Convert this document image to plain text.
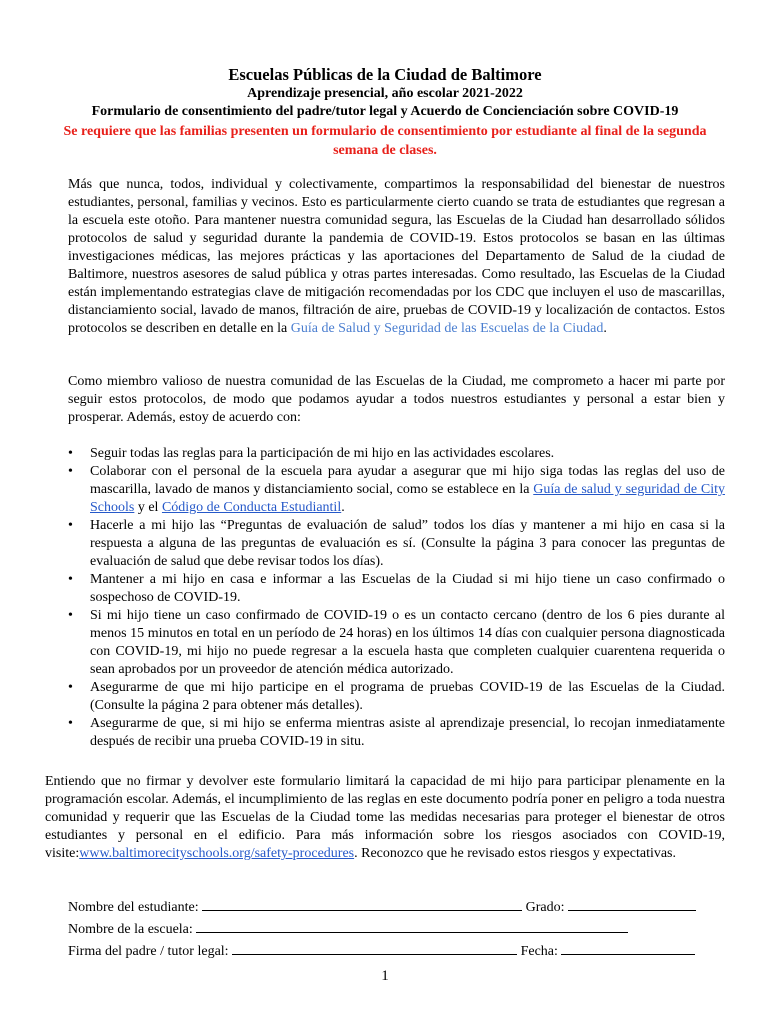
Escuelas Públicas de la Ciudad de Baltimore
Aprendizaje presencial, año escolar 2021-2022
Formulario de consentimiento del padre/tutor legal y Acuerdo de Concienciación sobre COVID-19
Se requiere que las familias presenten un formulario de consentimiento por estudiante al final de la segunda semana de clases.
Más que nunca, todos, individual y colectivamente, compartimos la responsabilidad del bienestar de nuestros estudiantes, personal, familias y vecinos. Esto es particularmente cierto cuando se trata de estudiantes que regresan a la escuela este otoño. Para mantener nuestra comunidad segura, las Escuelas de la Ciudad han desarrollado sólidos protocolos de salud y seguridad durante la pandemia de COVID-19. Estos protocolos se basan en las últimas investigaciones médicas, las mejores prácticas y las aportaciones del Departamento de Salud de la ciudad de Baltimore, nuestros asesores de salud pública y otras partes interesadas. Como resultado, las Escuelas de la Ciudad están implementando estrategias clave de mitigación recomendadas por los CDC que incluyen el uso de mascarillas, distanciamiento social, lavado de manos, filtración de aire, pruebas de COVID-19 y localización de contactos. Estos protocolos se describen en detalle en la Guía de Salud y Seguridad de las Escuelas de la Ciudad.
Como miembro valioso de nuestra comunidad de las Escuelas de la Ciudad, me comprometo a hacer mi parte por seguir estos protocolos, de modo que podamos ayudar a todos nuestros estudiantes y personal a estar bien y prosperar. Además, estoy de acuerdo con:
• Seguir todas las reglas para la participación de mi hijo en las actividades escolares.
• Colaborar con el personal de la escuela para ayudar a asegurar que mi hijo siga todas las reglas del uso de mascarilla, lavado de manos y distanciamiento social, como se establece en la Guía de salud y seguridad de City Schools y el Código de Conducta Estudiantil.
• Hacerle a mi hijo las “Preguntas de evaluación de salud” todos los días y mantener a mi hijo en casa si la respuesta a alguna de las preguntas de evaluación es sí. (Consulte la página 3 para conocer las preguntas de evaluación de salud que debe revisar todos los días).
• Mantener a mi hijo en casa e informar a las Escuelas de la Ciudad si mi hijo tiene un caso confirmado o sospechoso de COVID-19.
• Si mi hijo tiene un caso confirmado de COVID-19 o es un contacto cercano (dentro de los 6 pies durante al menos 15 minutos en total en un período de 24 horas) en los últimos 14 días con cualquier persona diagnosticada con COVID-19, mi hijo no puede regresar a la escuela hasta que completen cualquier cuarentena requerida o sean aprobados por un proveedor de atención médica autorizado.
• Asegurarme de que mi hijo participe en el programa de pruebas COVID-19 de las Escuelas de la Ciudad. (Consulte la página 2 para obtener más detalles).
• Asegurarme de que, si mi hijo se enferma mientras asiste al aprendizaje presencial, lo recojan inmediatamente después de recibir una prueba COVID-19 in situ.
Entiendo que no firmar y devolver este formulario limitará la capacidad de mi hijo para participar plenamente en la programación escolar. Además, el incumplimiento de las reglas en este documento podría poner en peligro a toda nuestra comunidad y requerir que las Escuelas de la Ciudad tome las medidas necesarias para proteger el bienestar de otros estudiantes y personal en el edificio. Para más información sobre los riesgos asociados con COVID-19, visite:www.baltimorecityschools.org/safety-procedures. Reconozco que he revisado estos riesgos y expectativas.
Nombre del estudiante:	Grado:
Nombre de la escuela:
Firma del padre / tutor legal:	Fecha:
1
